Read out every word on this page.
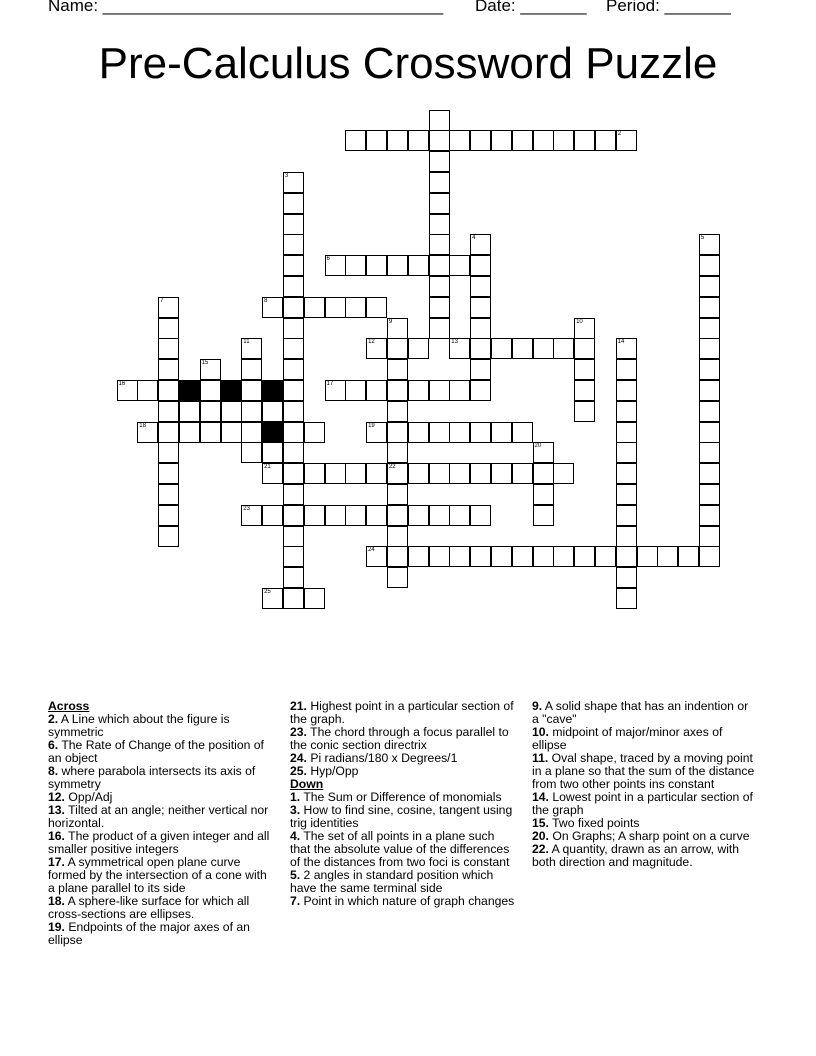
Name: ____________________________________ Date: _______ Period: _______
Pre-Calculus Crossword Puzzle
2
3
4	5
6
7	8
9	10
11	12	13	14
15
16	17
18	19
20
21	22
23
24
25

Across

2. A Line which about the figure is symmetric

6. The Rate of Change of the position of an object

8. where parabola intersects its axis of symmetry

12. Opp/Adj

13. Tilted at an angle; neither vertical nor horizontal.

16. The product of a given integer and all smaller positive integers

17. A symmetrical open plane curve formed by the intersection of a cone with a plane parallel to its side

18. A sphere-like surface for which all cross-sections are ellipses.

19. Endpoints of the major axes of an ellipse

21. Highest point in a particular section of the graph.

23. The chord through a focus parallel to the conic section directrix

24. Pi radians/180 x Degrees/1

25. Hyp/Opp

Down

1. The Sum or Difference of monomials

3. How to find sine, cosine, tangent using trig identities

4. The set of all points in a plane such that the absolute value of the differences of the distances from two foci is constant

5. 2 angles in standard position which have the same terminal side

7. Point in which nature of graph changes

9. A solid shape that has an indention or a "cave"

10. midpoint of major/minor axes of ellipse

11. Oval shape, traced by a moving point in a plane so that the sum of the distance from two other points ins constant

14. Lowest point in a particular section of the graph

15. Two fixed points

20. On Graphs; A sharp point on a curve

22. A quantity, drawn as an arrow, with both direction and magnitude.
